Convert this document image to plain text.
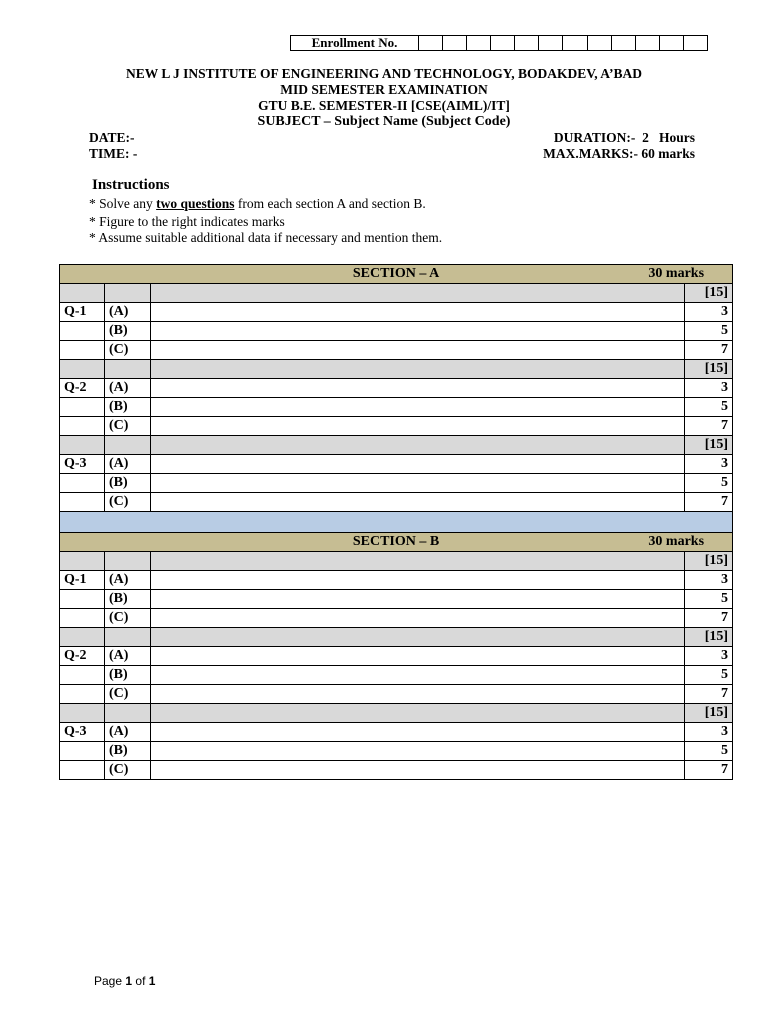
Enrollment No.
NEW L J INSTITUTE OF ENGINEERING AND TECHNOLOGY, BODAKDEV, A’BAD
MID SEMESTER EXAMINATION
GTU B.E. SEMESTER-II [CSE(AIML)/IT]
SUBJECT – Subject Name (Subject Code)
DATE:-
TIME: -
DURATION:-  2   Hours
MAX.MARKS:- 60 marks
Instructions
* Solve any two questions from each section A and section B.
* Figure to the right indicates marks
* Assume suitable additional data if necessary and mention them.
SECTION – A 30 marks			

			[15]
Q-1	(A)		3
	(B)		5
	(C)		7
			[15]
Q-2	(A)		3
	(B)		5
	(C)		7
			[15]
Q-3	(A)		3
	(B)		5
	(C)		7

SECTION – B 30 marks			

			[15]
Q-1	(A)		3
	(B)		5
	(C)		7
			[15]
Q-2	(A)		3
	(B)		5
	(C)		7
			[15]
Q-3	(A)		3
	(B)		5
	(C)		7
Page 1 of 1
